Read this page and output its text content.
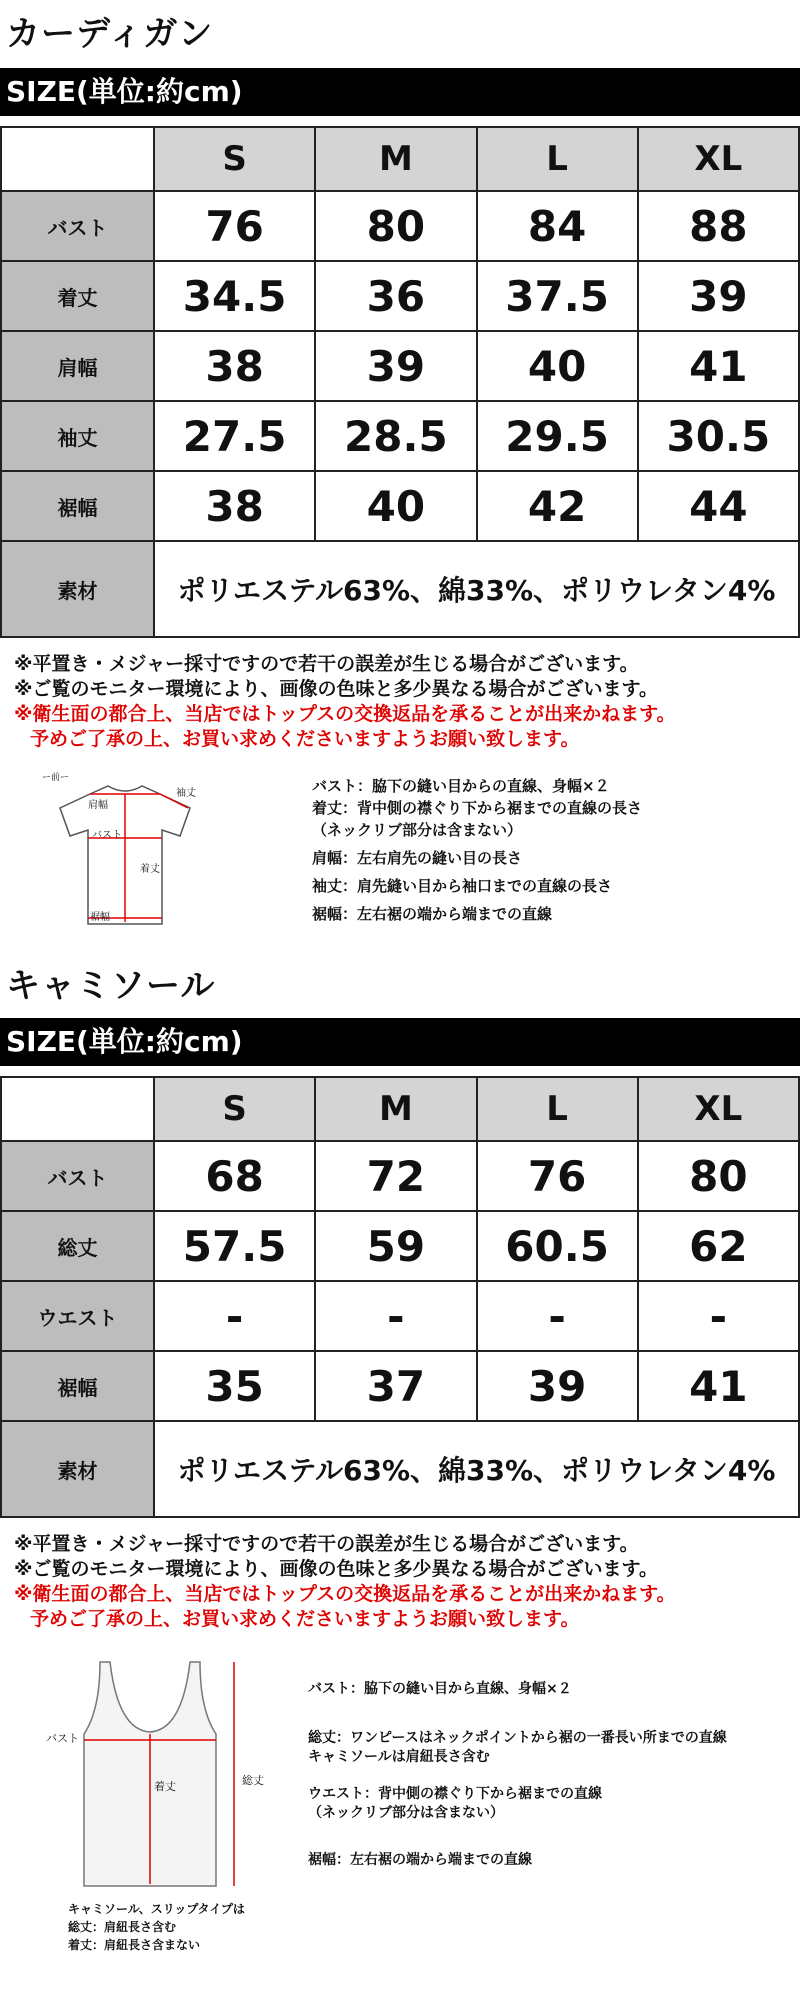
カーディガン
SIZE(単位:約cm)
	S	M	L	XL
バスト	76	80	84	88
着丈	34.5	36	37.5	39
肩幅	38	39	40	41
袖丈	27.5	28.5	29.5	30.5
裾幅	38	40	42	44
素材	ポリエステル63%、綿33%、ポリウレタン4%			
※平置き・メジャー採寸ですので若干の誤差が生じる場合がございます。
※ご覧のモニター環境により、画像の色味と多少異なる場合がございます。
※衛生面の都合上、当店ではトップスの交換返品を承ることが出来かねます。
予めご了承の上、お買い求めくださいますようお願い致します。
ー前ー
肩幅
袖丈
バスト
着丈
裾幅
バスト：脇下の縫い目からの直線、身幅×２
着丈：背中側の襟ぐり下から裾までの直線の長さ
（ネックリブ部分は含まない）
肩幅：左右肩先の縫い目の長さ
袖丈：肩先縫い目から袖口までの直線の長さ
裾幅：左右裾の端から端までの直線
キャミソール
SIZE(単位:約cm)
	S	M	L	XL
バスト	68	72	76	80
総丈	57.5	59	60.5	62
ウエスト	-	-	-	-
裾幅	35	37	39	41
素材	ポリエステル63%、綿33%、ポリウレタン4%			
※平置き・メジャー採寸ですので若干の誤差が生じる場合がございます。
※ご覧のモニター環境により、画像の色味と多少異なる場合がございます。
※衛生面の都合上、当店ではトップスの交換返品を承ることが出来かねます。
予めご了承の上、お買い求めくださいますようお願い致します。
バスト
着丈	総丈
キャミソール、スリップタイプは
総丈：肩紐長さ含む
着丈：肩紐長さ含まない
バスト：脇下の縫い目から直線、身幅×２
総丈：ワンピースはネックポイントから裾の一番長い所までの直線
キャミソールは肩紐長さ含む
ウエスト：背中側の襟ぐり下から裾までの直線
（ネックリブ部分は含まない）
裾幅：左右裾の端から端までの直線
